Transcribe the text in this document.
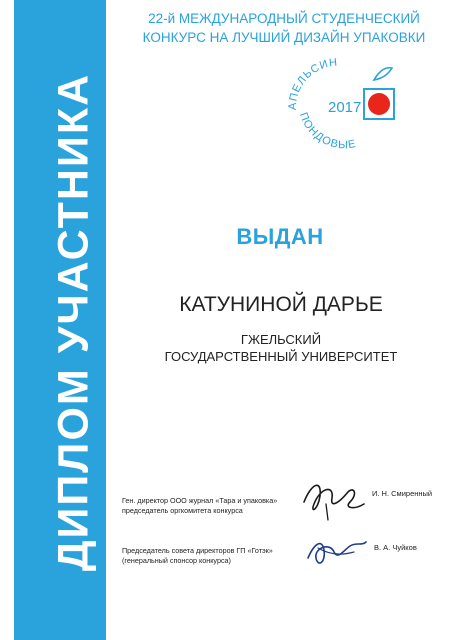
ДИПЛОМ УЧАСТНИКА
22-й МЕЖДУНАРОДНЫЙ СТУДЕНЧЕСКИЙ
КОНКУРС НА ЛУЧШИЙ ДИЗАЙН УПАКОВКИ
АПЕЛЬСИН
ПОНДОВЫЕ
2017
ВЫДАН
КАТУНИНОЙ ДАРЬЕ
ГЖЕЛЬСКИЙ
ГОСУДАРСТВЕННЫЙ УНИВЕРСИТЕТ
Ген. директор ООО журнал «Тара и упаковка»
председатель оргкомитета конкурса
И. Н. Смиренный
Председатель совета директоров ГП «Готэк»
(генеральный спонсор конкурса)
В. А. Чуйков
